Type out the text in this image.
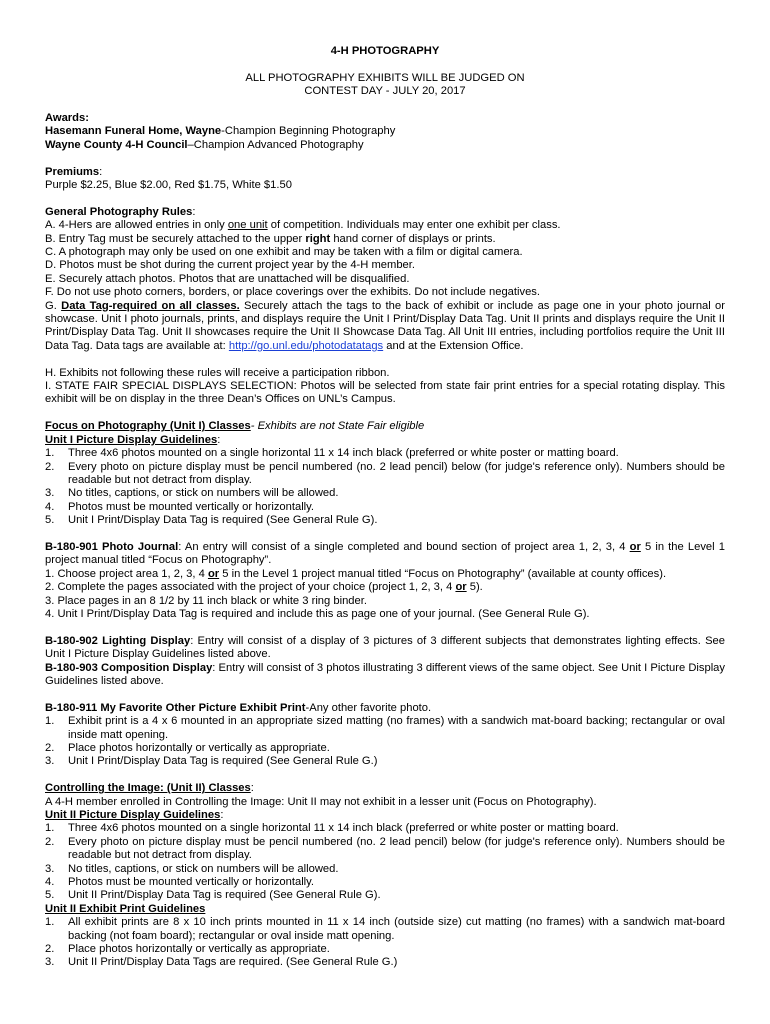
4-H PHOTOGRAPHY
ALL PHOTOGRAPHY EXHIBITS WILL BE JUDGED ON
CONTEST DAY - JULY 20, 2017
Awards:
Hasemann Funeral Home, Wayne-Champion Beginning Photography
Wayne County 4-H Council–Champion Advanced Photography
Premiums:
Purple $2.25, Blue $2.00, Red $1.75, White $1.50
General Photography Rules:
A. 4-Hers are allowed entries in only one unit of competition. Individuals may enter one exhibit per class.
B. Entry Tag must be securely attached to the upper right hand corner of displays or prints.
C. A photograph may only be used on one exhibit and may be taken with a film or digital camera.
D. Photos must be shot during the current project year by the 4-H member.
E. Securely attach photos. Photos that are unattached will be disqualified.
F. Do not use photo corners, borders, or place coverings over the exhibits. Do not include negatives.
G. Data Tag-required on all classes. Securely attach the tags to the back of exhibit or include as page one in your photo journal or showcase. Unit I photo journals, prints, and displays require the Unit I Print/Display Data Tag. Unit II prints and displays require the Unit II Print/Display Data Tag. Unit II showcases require the Unit II Showcase Data Tag. All Unit III entries, including portfolios require the Unit III Data Tag. Data tags are available at: http://go.unl.edu/photodatatags and at the Extension Office.
H. Exhibits not following these rules will receive a participation ribbon.
I. STATE FAIR SPECIAL DISPLAYS SELECTION: Photos will be selected from state fair print entries for a special rotating display. This exhibit will be on display in the three Dean’s Offices on UNL’s Campus.
Focus on Photography (Unit I) Classes- Exhibits are not State Fair eligible
Unit I Picture Display Guidelines:
1. Three 4x6 photos mounted on a single horizontal 11 x 14 inch black (preferred or white poster or matting board.
2. Every photo on picture display must be pencil numbered (no. 2 lead pencil) below (for judge's reference only). Numbers should be readable but not detract from display.
3. No titles, captions, or stick on numbers will be allowed.
4. Photos must be mounted vertically or horizontally.
5. Unit I Print/Display Data Tag is required (See General Rule G).
B-180-901 Photo Journal: An entry will consist of a single completed and bound section of project area 1, 2, 3, 4 or 5 in the Level 1 project manual titled “Focus on Photography”.
1. Choose project area 1, 2, 3, 4 or 5 in the Level 1 project manual titled “Focus on Photography” (available at county offices).
2. Complete the pages associated with the project of your choice (project 1, 2, 3, 4 or 5).
3. Place pages in an 8 1/2 by 11 inch black or white 3 ring binder.
4. Unit I Print/Display Data Tag is required and include this as page one of your journal. (See General Rule G).
B-180-902 Lighting Display: Entry will consist of a display of 3 pictures of 3 different subjects that demonstrates lighting effects. See Unit I Picture Display Guidelines listed above.
B-180-903 Composition Display: Entry will consist of 3 photos illustrating 3 different views of the same object. See Unit I Picture Display Guidelines listed above.
B-180-911 My Favorite Other Picture Exhibit Print-Any other favorite photo.
1. Exhibit print is a 4 x 6 mounted in an appropriate sized matting (no frames) with a sandwich mat-board backing; rectangular or oval inside matt opening.
2. Place photos horizontally or vertically as appropriate.
3. Unit I Print/Display Data Tag is required (See General Rule G.)
Controlling the Image: (Unit II) Classes:
A 4-H member enrolled in Controlling the Image: Unit II may not exhibit in a lesser unit (Focus on Photography).
Unit II Picture Display Guidelines:
1. Three 4x6 photos mounted on a single horizontal 11 x 14 inch black (preferred or white poster or matting board.
2. Every photo on picture display must be pencil numbered (no. 2 lead pencil) below (for judge's reference only). Numbers should be readable but not detract from display.
3. No titles, captions, or stick on numbers will be allowed.
4. Photos must be mounted vertically or horizontally.
5. Unit II Print/Display Data Tag is required (See General Rule G).
Unit II Exhibit Print Guidelines
1. All exhibit prints are 8 x 10 inch prints mounted in 11 x 14 inch (outside size) cut matting (no frames) with a sandwich mat-board backing (not foam board); rectangular or oval inside matt opening.
2. Place photos horizontally or vertically as appropriate.
3. Unit II Print/Display Data Tags are required. (See General Rule G.)
